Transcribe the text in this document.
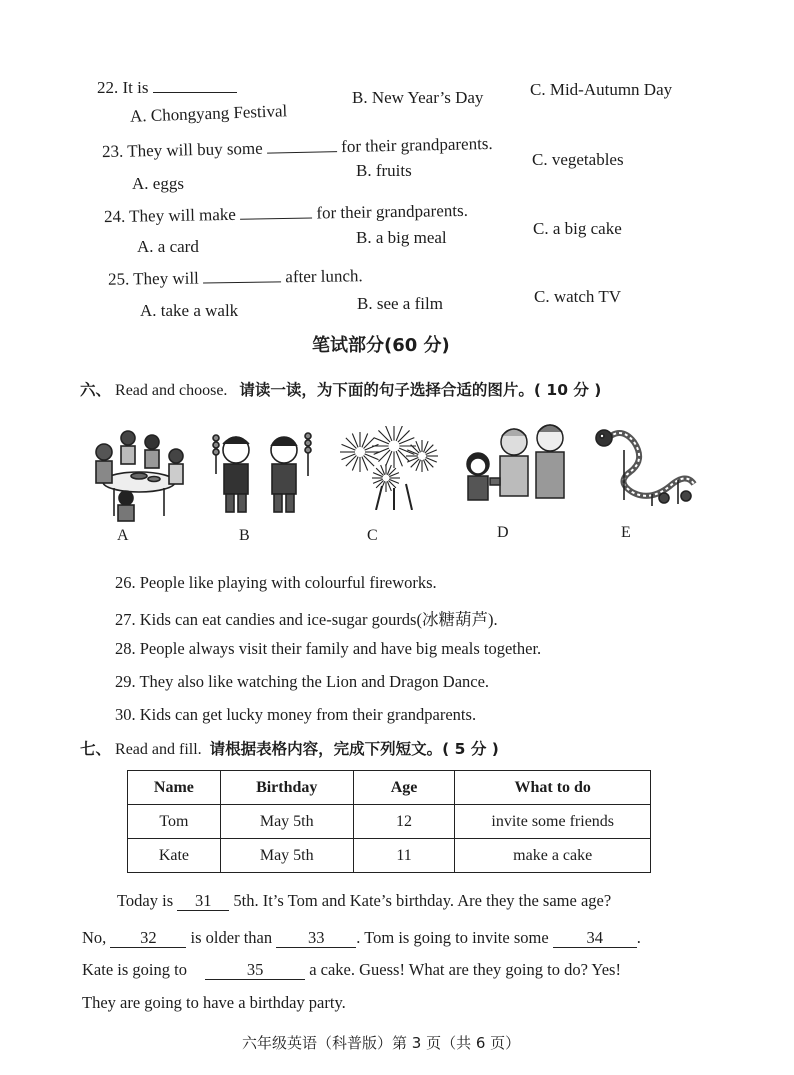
22. It is
A. Chongyang Festival
B. New Year’s Day	C. Mid-Autumn Day
23. They will buy some	for their grandparents.
A. eggs
B. fruits
C. vegetables
24. They will make	for their grandparents.
A. a card	B. a big meal	C. a big cake
25. They will	after lunch.
A. take a walk	B. see a film	C. watch TV
笔试部分(60 分)
六、 Read and choose. 请读一读，为下面的句子选择合适的图片。( 10 分 )
A	B	C	D	E
26. People like playing with colourful fireworks.
27. Kids can eat candies and ice-sugar gourds(冰糖葫芦).
28. People always visit their family and have big meals together.
29. They also like watching the Lion and Dragon Dance.
30. Kids can get lucky money from their grandparents.
七、 Read and fill. 请根据表格内容，完成下列短文。( 5 分 )
Name	Birthday	Age	What to do
Tom	May 5th	12	invite some friends
Kate	May 5th	11	make a cake
Today is 31 5th. It’s Tom and Kate’s birthday. Are they the same age?
No, 32 is older than 33 . Tom is going to invite some 34 .
Kate is going to	35	a cake. Guess! What are they going to do? Yes!
They are going to have a birthday party.
六年级英语（科普版）第 3 页（共 6 页）
